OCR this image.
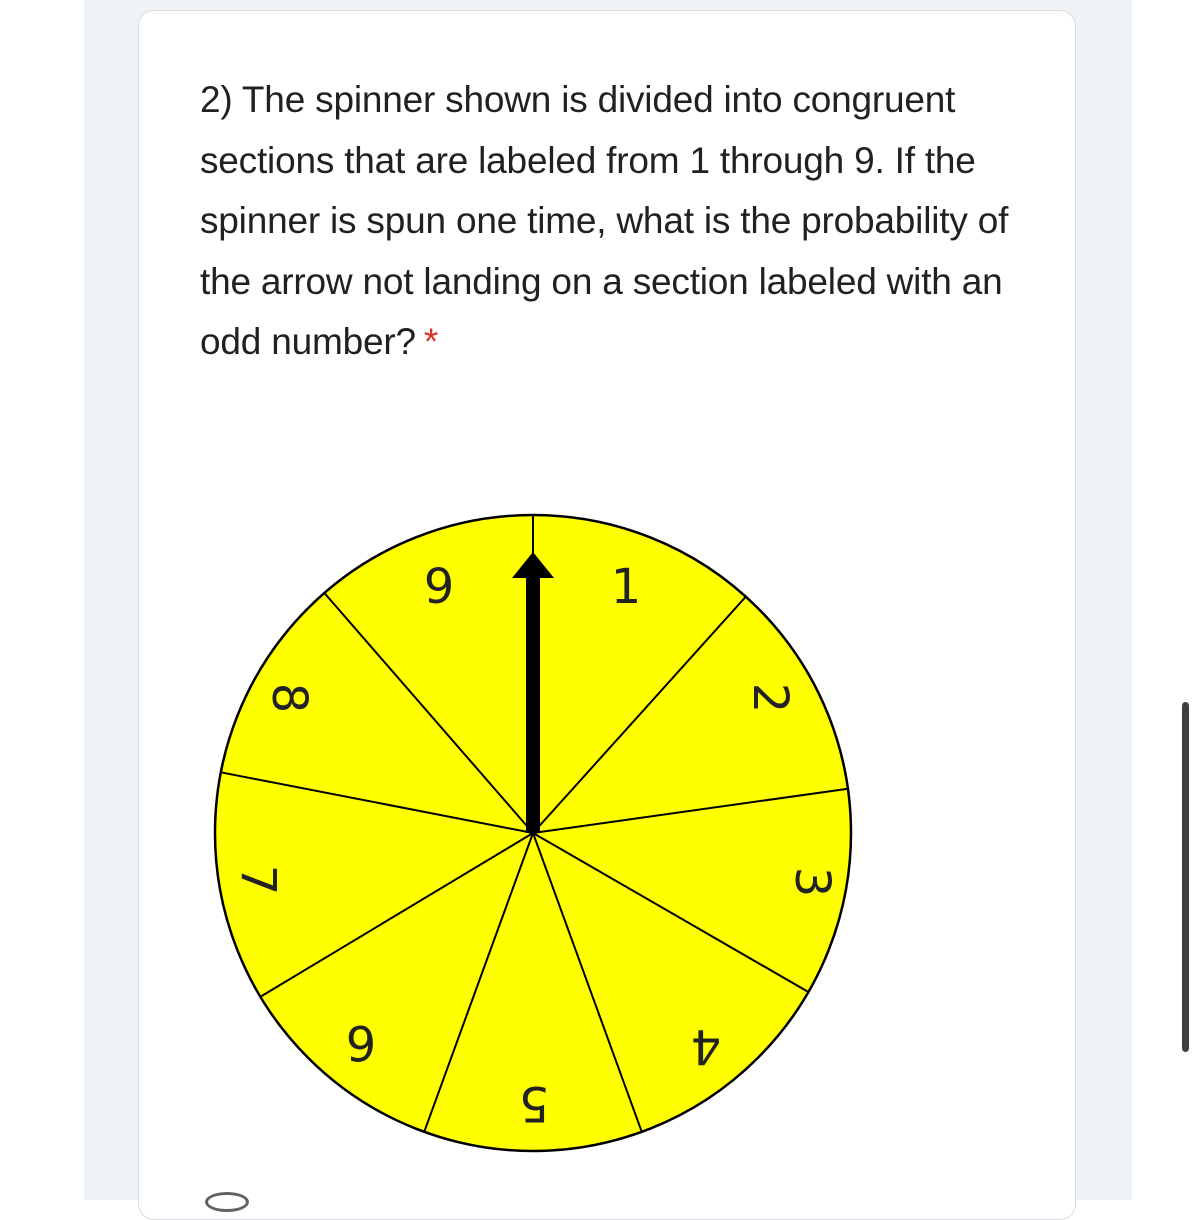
2) The spinner shown is divided into congruent sections that are labeled from 1 through 9. If the spinner is spun one time, what is the probability of the arrow not landing on a section labeled with an odd number? *

1
2
3
4
5
6
7
8
9
